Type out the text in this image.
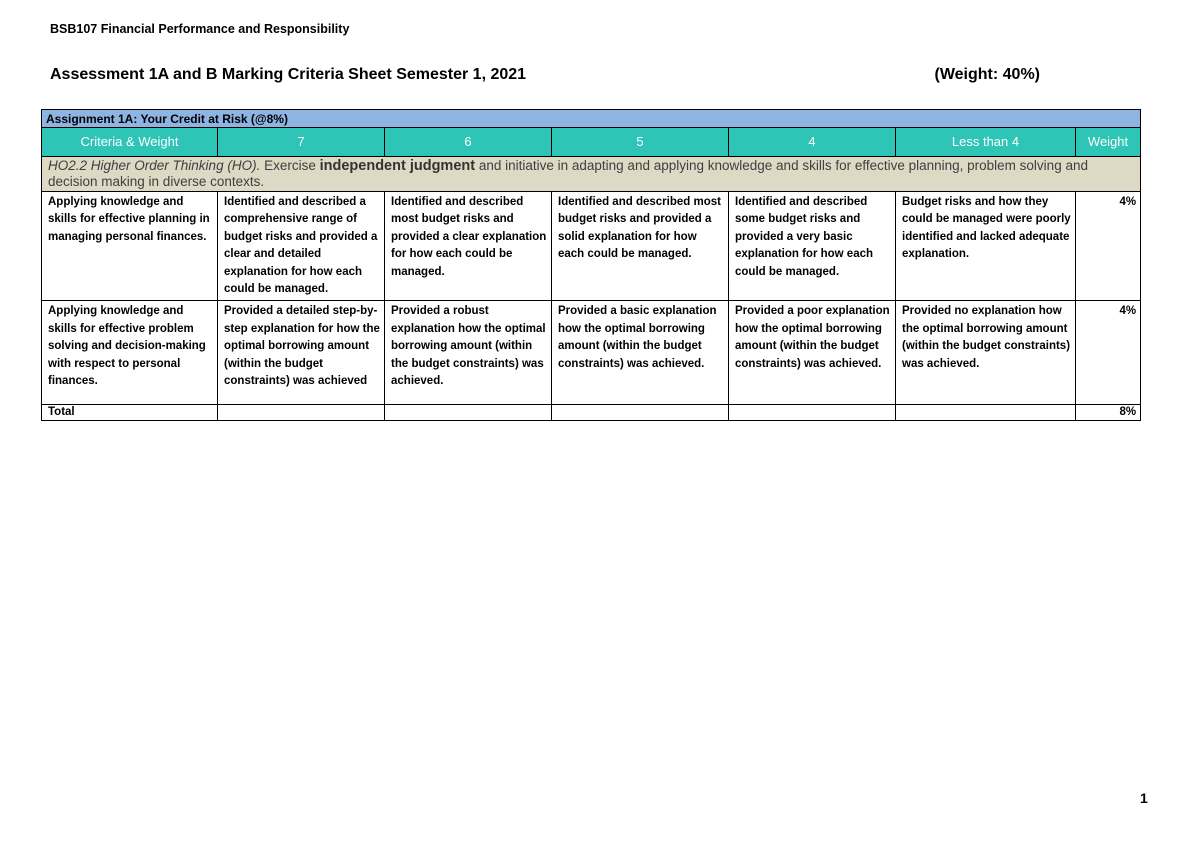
BSB107 Financial Performance and Responsibility
Assessment 1A and B Marking Criteria Sheet Semester 1, 2021	(Weight: 40%)
Assignment 1A: Your Credit at Risk (@8%)						
Criteria & Weight	7	6	5	4	Less than 4	Weight
HO2.2 Higher Order Thinking (HO). Exercise independent judgment and initiative in adapting and applying knowledge and skills for effective planning, problem solving and decision making in diverse contexts.						
Applying knowledge and skills for effective planning in managing personal finances.	Identified and described a comprehensive range of budget risks and provided a clear and detailed explanation for how each could be managed.	Identified and described most budget risks and provided a clear explanation for how each could be managed.	Identified and described most budget risks and provided a solid explanation for how each could be managed.	Identified and described some budget risks and provided a very basic explanation for how each could be managed.	Budget risks and how they could be managed were poorly identified and lacked adequate explanation.	4%
Applying knowledge and skills for effective problem solving and decision-making with respect to personal finances.	Provided a detailed step-by-step explanation for how the optimal borrowing amount (within the budget constraints) was achieved	Provided a robust explanation how the optimal borrowing amount (within the budget constraints) was achieved.	Provided a basic explanation how the optimal borrowing amount (within the budget constraints) was achieved.	Provided a poor explanation how the optimal borrowing amount (within the budget constraints) was achieved.	Provided no explanation how the optimal borrowing amount (within the budget constraints) was achieved.	4%
Total						8%
1
